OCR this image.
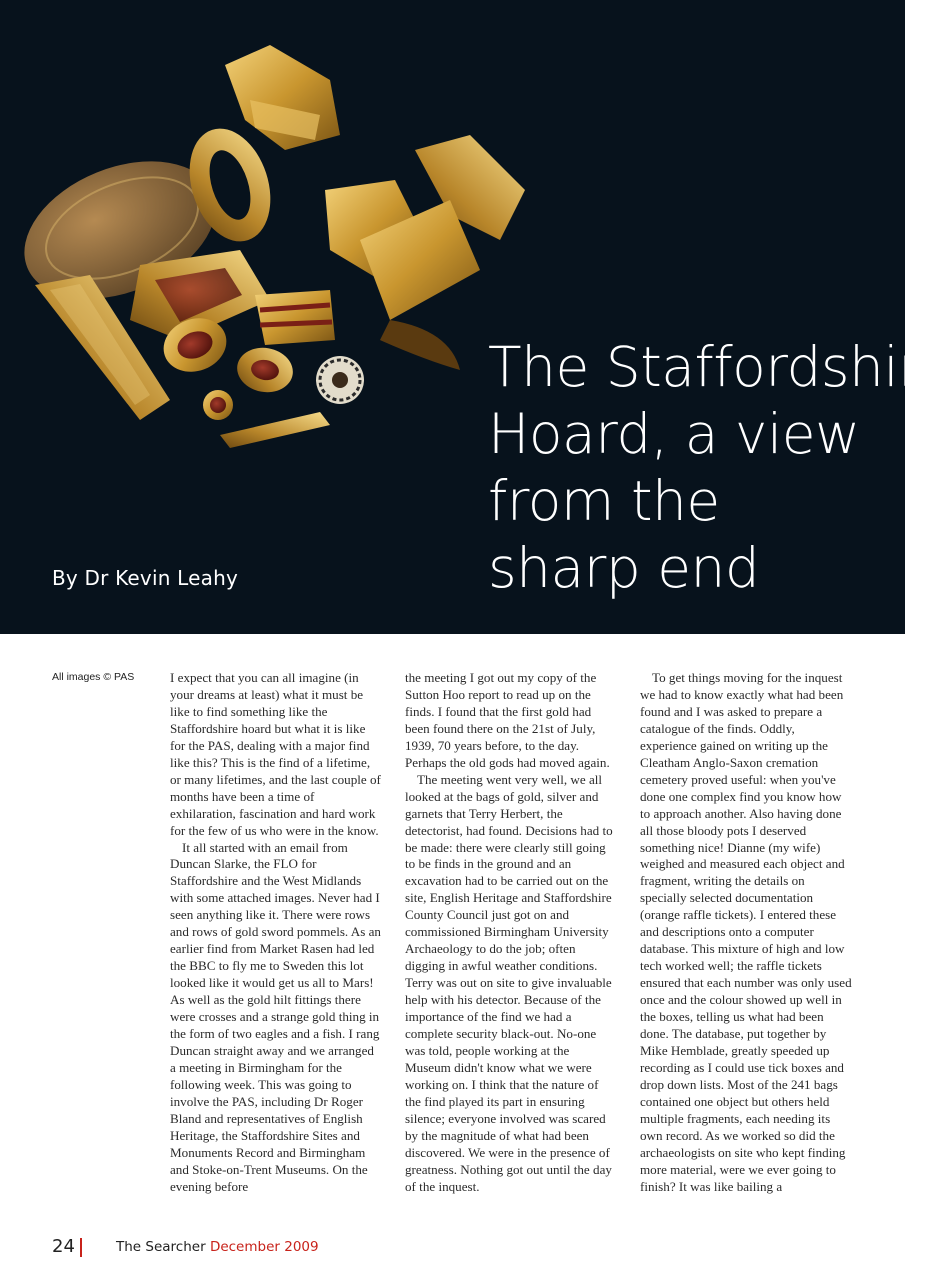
The Staffordshire
Hoard, a view
from the
sharp end
By Dr Kevin Leahy
All images © PAS	I expect that you can all imagine (in your dreams at least) what it must be like to find something like the Staffordshire hoard but what it is like for the PAS, dealing with a major find like this? This is the find of a lifetime, or many lifetimes, and the last couple of months have been a time of exhilaration, fascination and hard work for the few of us who were in the know.

It all started with an email from Duncan Slarke, the FLO for Staffordshire and the West Midlands with some attached images. Never had I seen anything like it. There were rows and rows of gold sword pommels. As an earlier find from Market Rasen had led the BBC to fly me to Sweden this lot looked like it would get us all to Mars! As well as the gold hilt fittings there were crosses and a strange gold thing in the form of two eagles and a fish. I rang Duncan straight away and we arranged a meeting in Birmingham for the following week. This was going to involve the PAS, including Dr Roger Bland and representatives of English Heritage, the Staffordshire Sites and Monuments Record and Birmingham and Stoke-on-Trent Museums. On the evening before

the meeting I got out my copy of the Sutton Hoo report to read up on the finds. I found that the first gold had been found there on the 21st of July, 1939, 70 years before, to the day. Perhaps the old gods had moved again.

The meeting went very well, we all looked at the bags of gold, silver and garnets that Terry Herbert, the detectorist, had found. Decisions had to be made: there were clearly still going to be finds in the ground and an excavation had to be carried out on the site, English Heritage and Staffordshire County Council just got on and commissioned Birmingham University Archaeology to do the job; often digging in awful weather conditions. Terry was out on site to give invaluable help with his detector. Because of the importance of the find we had a complete security black-out. No-one was told, people working at the Museum didn't know what we were working on. I think that the nature of the find played its part in ensuring silence; everyone involved was scared by the magnitude of what had been discovered. We were in the presence of greatness. Nothing got out until the day of the inquest.

To get things moving for the inquest we had to know exactly what had been found and I was asked to prepare a catalogue of the finds. Oddly, experience gained on writing up the Cleatham Anglo-Saxon cremation cemetery proved useful: when you've done one complex find you know how to approach another. Also having done all those bloody pots I deserved something nice! Dianne (my wife) weighed and measured each object and fragment, writing the details on specially selected documentation (orange raffle tickets). I entered these and descriptions onto a computer database. This mixture of high and low tech worked well; the raffle tickets ensured that each number was only used once and the colour showed up well in the boxes, telling us what had been done. The database, put together by Mike Hemblade, greatly speeded up recording as I could use tick boxes and drop down lists. Most of the 241 bags contained one object but others held multiple fragments, each needing its own record. As we worked so did the archaeologists on site who kept finding more material, were we ever going to finish? It was like bailing a

24	The Searcher December 2009
